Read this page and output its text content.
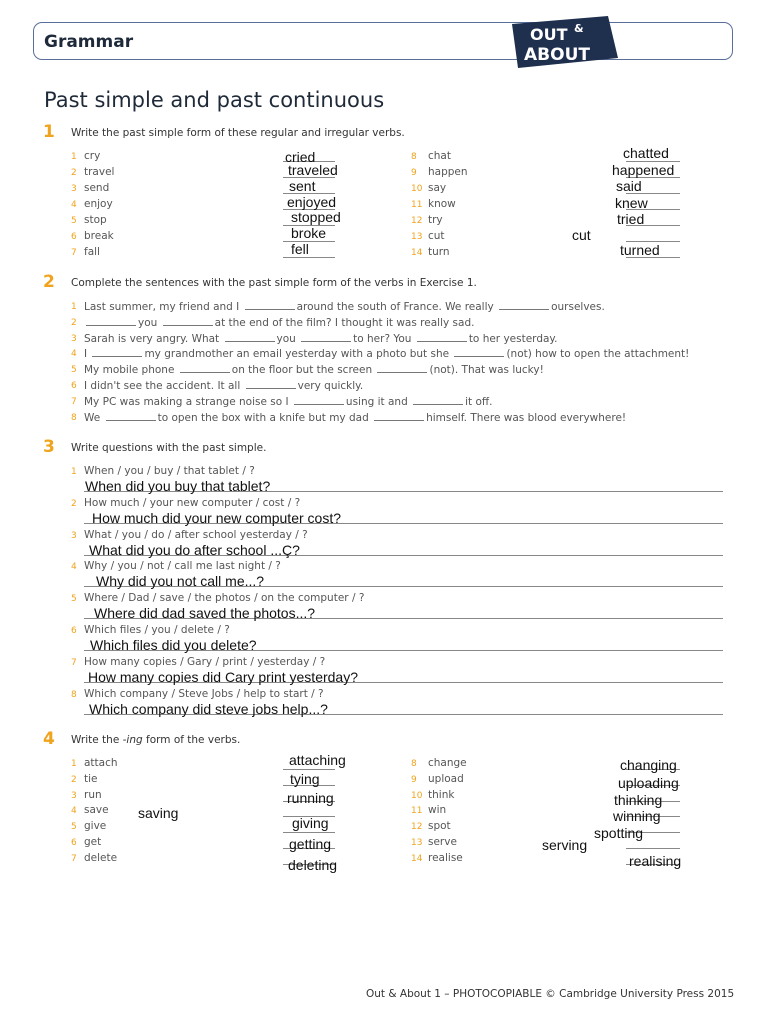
Grammar	OUT &
ABOUT
Past simple and past continuous
1 Write the past simple form of these regular and irregular verbs.
1 cry	cried
2 travel	traveled
3 send	sent
4 enjoy	enjoyed
5 stop	stopped
6 break	broke
7 fall	fell
8 chat	chatted
9 happen	happened
10 say	said
11 know	knew
12 try	tried
13 cut	cut
14 turn	turned
2 Complete the sentences with the past simple form of the verbs in Exercise 1.
1 Last summer, my friend and I	around the south of France. We really	ourselves.
2	you	at the end of the film? I thought it was really sad.
3 Sarah is very angry. What	you	to her? You	to her yesterday.
4 I	my grandmother an email yesterday with a photo but she	(not) how to open the attachment!
5 My mobile phone	on the floor but the screen	(not). That was lucky!
6 I didn't see the accident. It all	very quickly.
7 My PC was making a strange noise so I	using it and	it off.
8 We	to open the box with a knife but my dad	himself. There was blood everywhere!
3 Write questions with the past simple.
1 When / you / buy / that tablet / ?
When did you buy that tablet?
2 How much / your new computer / cost / ?
How much did your new computer cost?
3 What / you / do / after school yesterday / ?
What did you do after school ...Ç?
4 Why / you / not / call me last night / ?
Why did you not call me...?
5 Where / Dad / save / the photos / on the computer / ?
Where did dad saved the photos...?
6 Which files / you / delete / ?
Which files did you delete?
7 How many copies / Gary / print / yesterday / ?
How many copies did Cary print yesterday?
8 Which company / Steve Jobs / help to start / ?
Which company did steve jobs help...?
4 Write the -ing form of the verbs.
1 attach	attaching
2 tie	tying
3 run	running
4 save saving
5 give	giving
6 get	getting
7 delete	deleting
8 change	changing
9 upload	uploading
10 think	thinking
11 win	winning
12 spot	spotting
13 serve	serving
14 realise	realising
Out & About 1 – PHOTOCOPIABLE © Cambridge University Press 2015
